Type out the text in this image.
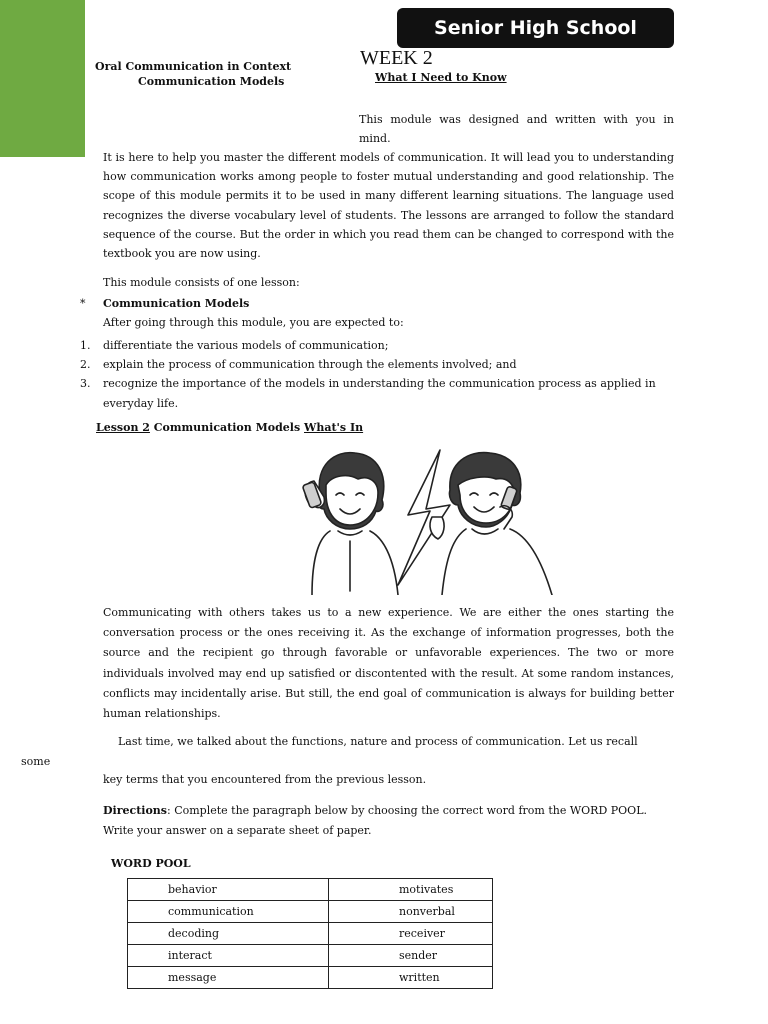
Senior High School
Oral Communication in Context
Communication Models
WEEK 2
What I Need to Know
This module was designed and written with you in mind.
It is here to help you master the different models of communication. It will lead you to understanding how communication works among people to foster mutual understanding and good relationship. The scope of this module permits it to be used in many different learning situations. The language used recognizes the diverse vocabulary level of students. The lessons are arranged to follow the standard sequence of the course. But the order in which you read them can be changed to correspond with the textbook you are now using.
This module consists of one lesson:
* Communication Models
After going through this module, you are expected to:
1.	differentiate the various models of communication;
2.	explain the process of communication through the elements involved; and
3.	recognize the importance of the models in understanding the communication process as applied in everyday life.
Lesson 2 Communication Models What's In
Communicating with others takes us to a new experience. We are either the ones starting the conversation process or the ones receiving it. As the exchange of information progresses, both the source and the recipient go through favorable or unfavorable experiences. The two or more individuals involved may end up satisfied or discontented with the result. At some random instances, conflicts may incidentally arise. But still, the end goal of communication is always for building better human relationships.
Last time, we talked about the functions, nature and process of communication. Let us recall
some
key terms that you encountered from the previous lesson.
Directions: Complete the paragraph below by choosing the correct word from the WORD POOL. Write your answer on a separate sheet of paper.
WORD POOL
behavior	motivates
communication	nonverbal
decoding	receiver
interact	sender
message	written
